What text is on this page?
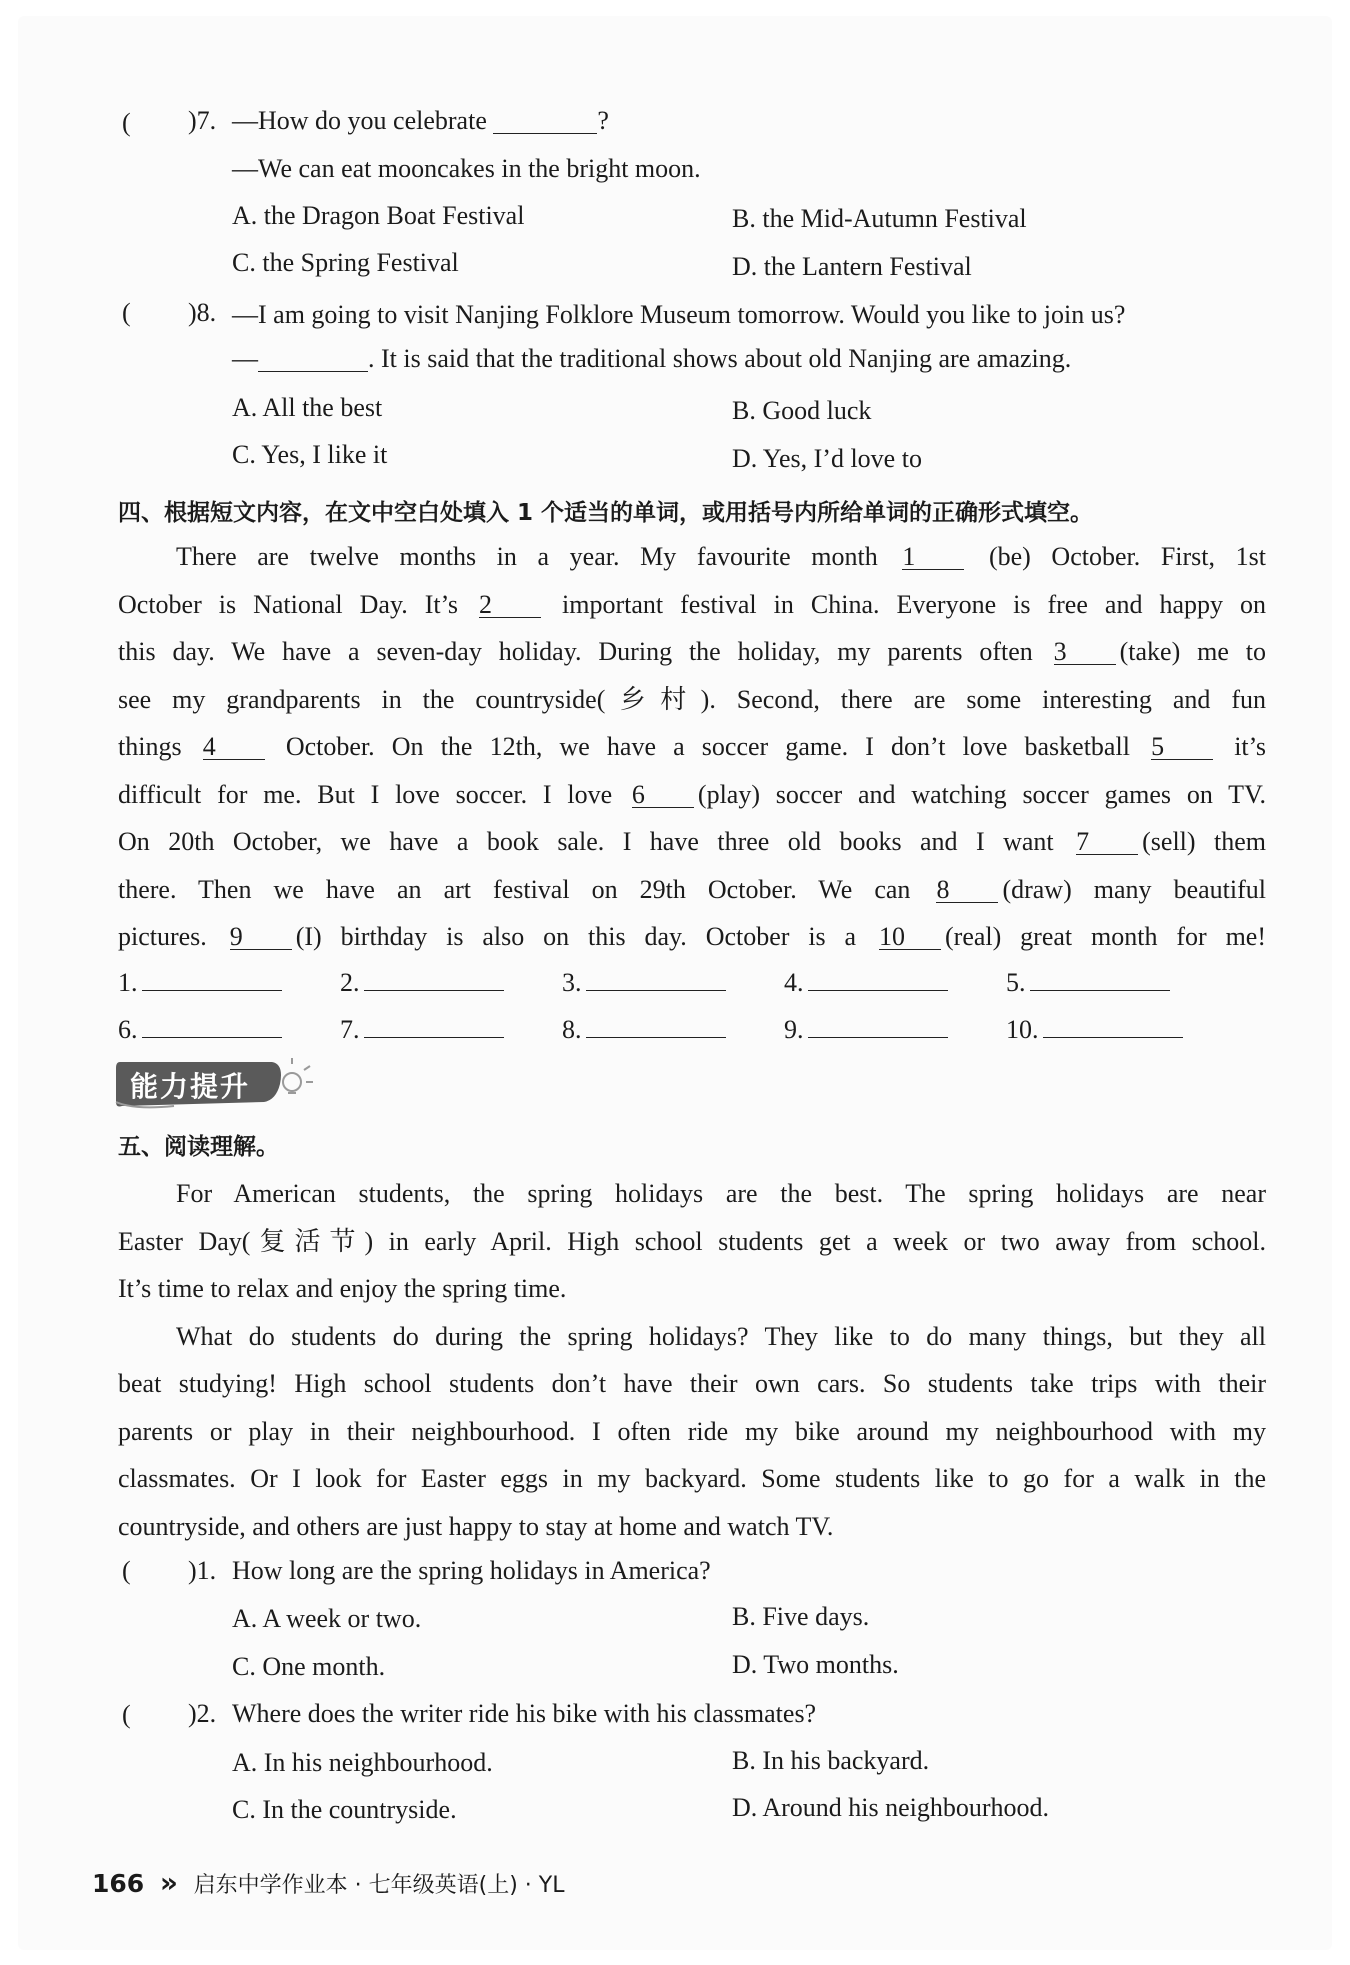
( )7. —How do you celebrate	?
—We can eat mooncakes in the bright moon.
A. the Dragon Boat Festival	B. the Mid-Autumn Festival
C. the Spring Festival	D. the Lantern Festival
( )8. —I am going to visit Nanjing Folklore Museum tomorrow. Would you like to join us?
—	. It is said that the traditional shows about old Nanjing are amazing.
A. All the best	B. Good luck
C. Yes, I like it	D. Yes, I’d love to
四、根据短文内容，在文中空白处填入 1 个适当的单词，或用括号内所给单词的正确形式填空。

There are twelve months in a year. My favourite month 1 (be) October. First, 1st

October is National Day. It’s 2 important festival in China. Everyone is free and happy on

this day. We have a seven-day holiday. During the holiday, my parents often 3 (take) me to

see my grandparents in the countryside(乡村). Second, there are some interesting and fun

things 4 October. On the 12th, we have a soccer game. I don’t love basketball 5 it’s

difficult for me. But I love soccer. I love 6 (play) soccer and watching soccer games on TV.

On 20th October, we have a book sale. I have three old books and I want 7 (sell) them

there. Then we have an art festival on 29th October. We can 8 (draw) many beautiful

pictures. 9 (I) birthday is also on this day. October is a 10 (real) great month for me!

1.	2.	3.	4.	5.
6.	7.	8.	9.	10.
能力提升
五、阅读理解。

For American students, the spring holidays are the best. The spring holidays are near

Easter Day(复活节) in early April. High school students get a week or two away from school.

It’s time to relax and enjoy the spring time.

What do students do during the spring holidays? They like to do many things, but they all

beat studying! High school students don’t have their own cars. So students take trips with their

parents or play in their neighbourhood. I often ride my bike around my neighbourhood with my

classmates. Or I look for Easter eggs in my backyard. Some students like to go for a walk in the

countryside, and others are just happy to stay at home and watch TV.

( )1. How long are the spring holidays in America?
A. A week or two.	B. Five days.
C. One month.	D. Two months.
( )2. Where does the writer ride his bike with his classmates?
A. In his neighbourhood.	B. In his backyard.
C. In the countryside.	D. Around his neighbourhood.
166 » 启东中学作业本 · 七年级英语(上) · YL
